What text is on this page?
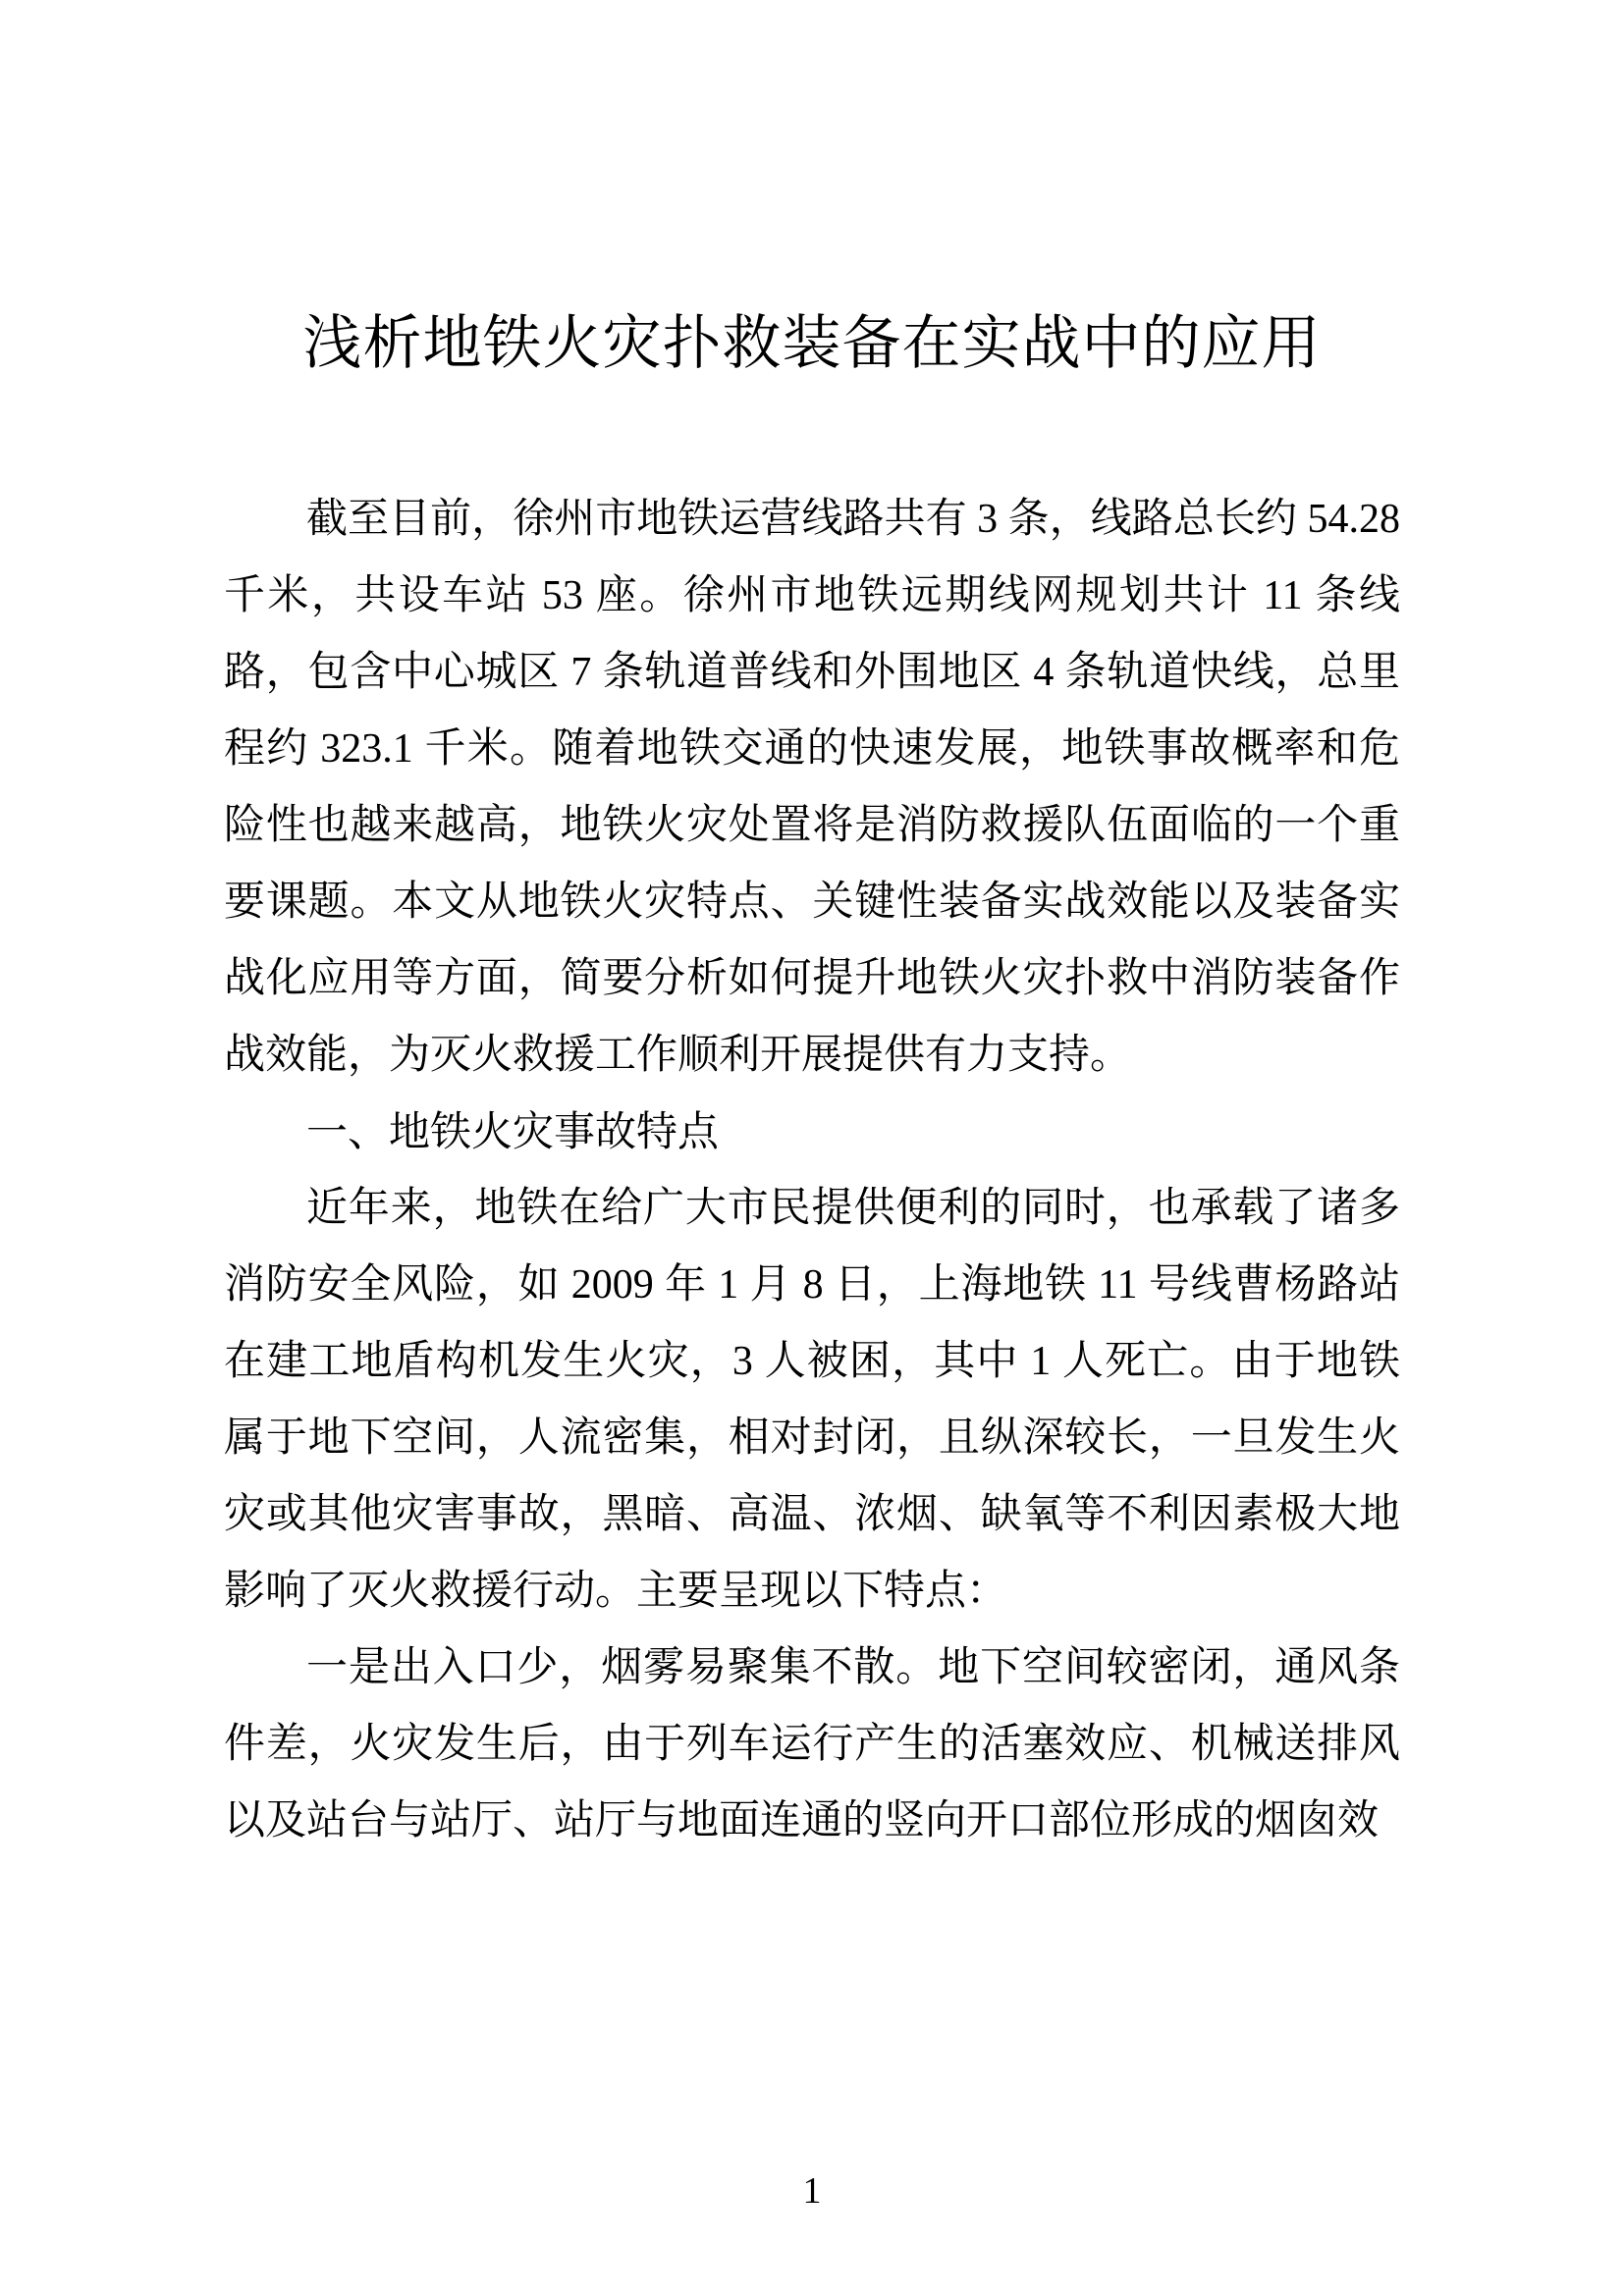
浅析地铁火灾扑救装备在实战中的应用

截至目前，徐州市地铁运营线路共有 3 条，线路总长约 54.28 千米，共设车站 53 座。徐州市地铁远期线网规划共计 11 条线路，包含中心城区 7 条轨道普线和外围地区 4 条轨道快线，总里程约 323.1 千米。随着地铁交通的快速发展，地铁事故概率和危险性也越来越高，地铁火灾处置将是消防救援队伍面临的一个重要课题。本文从地铁火灾特点、关键性装备实战效能以及装备实战化应用等方面，简要分析如何提升地铁火灾扑救中消防装备作战效能，为灭火救援工作顺利开展提供有力支持。

一、地铁火灾事故特点

近年来，地铁在给广大市民提供便利的同时，也承载了诸多消防安全风险，如 2009 年 1 月 8 日，上海地铁 11 号线曹杨路站在建工地盾构机发生火灾，3 人被困，其中 1 人死亡。由于地铁属于地下空间，人流密集，相对封闭，且纵深较长，一旦发生火灾或其他灾害事故，黑暗、高温、浓烟、缺氧等不利因素极大地影响了灭火救援行动。主要呈现以下特点：

一是出入口少，烟雾易聚集不散。地下空间较密闭，通风条件差，火灾发生后，由于列车运行产生的活塞效应、机械送排风以及站台与站厅、站厅与地面连通的竖向开口部位形成的烟囱效

1
